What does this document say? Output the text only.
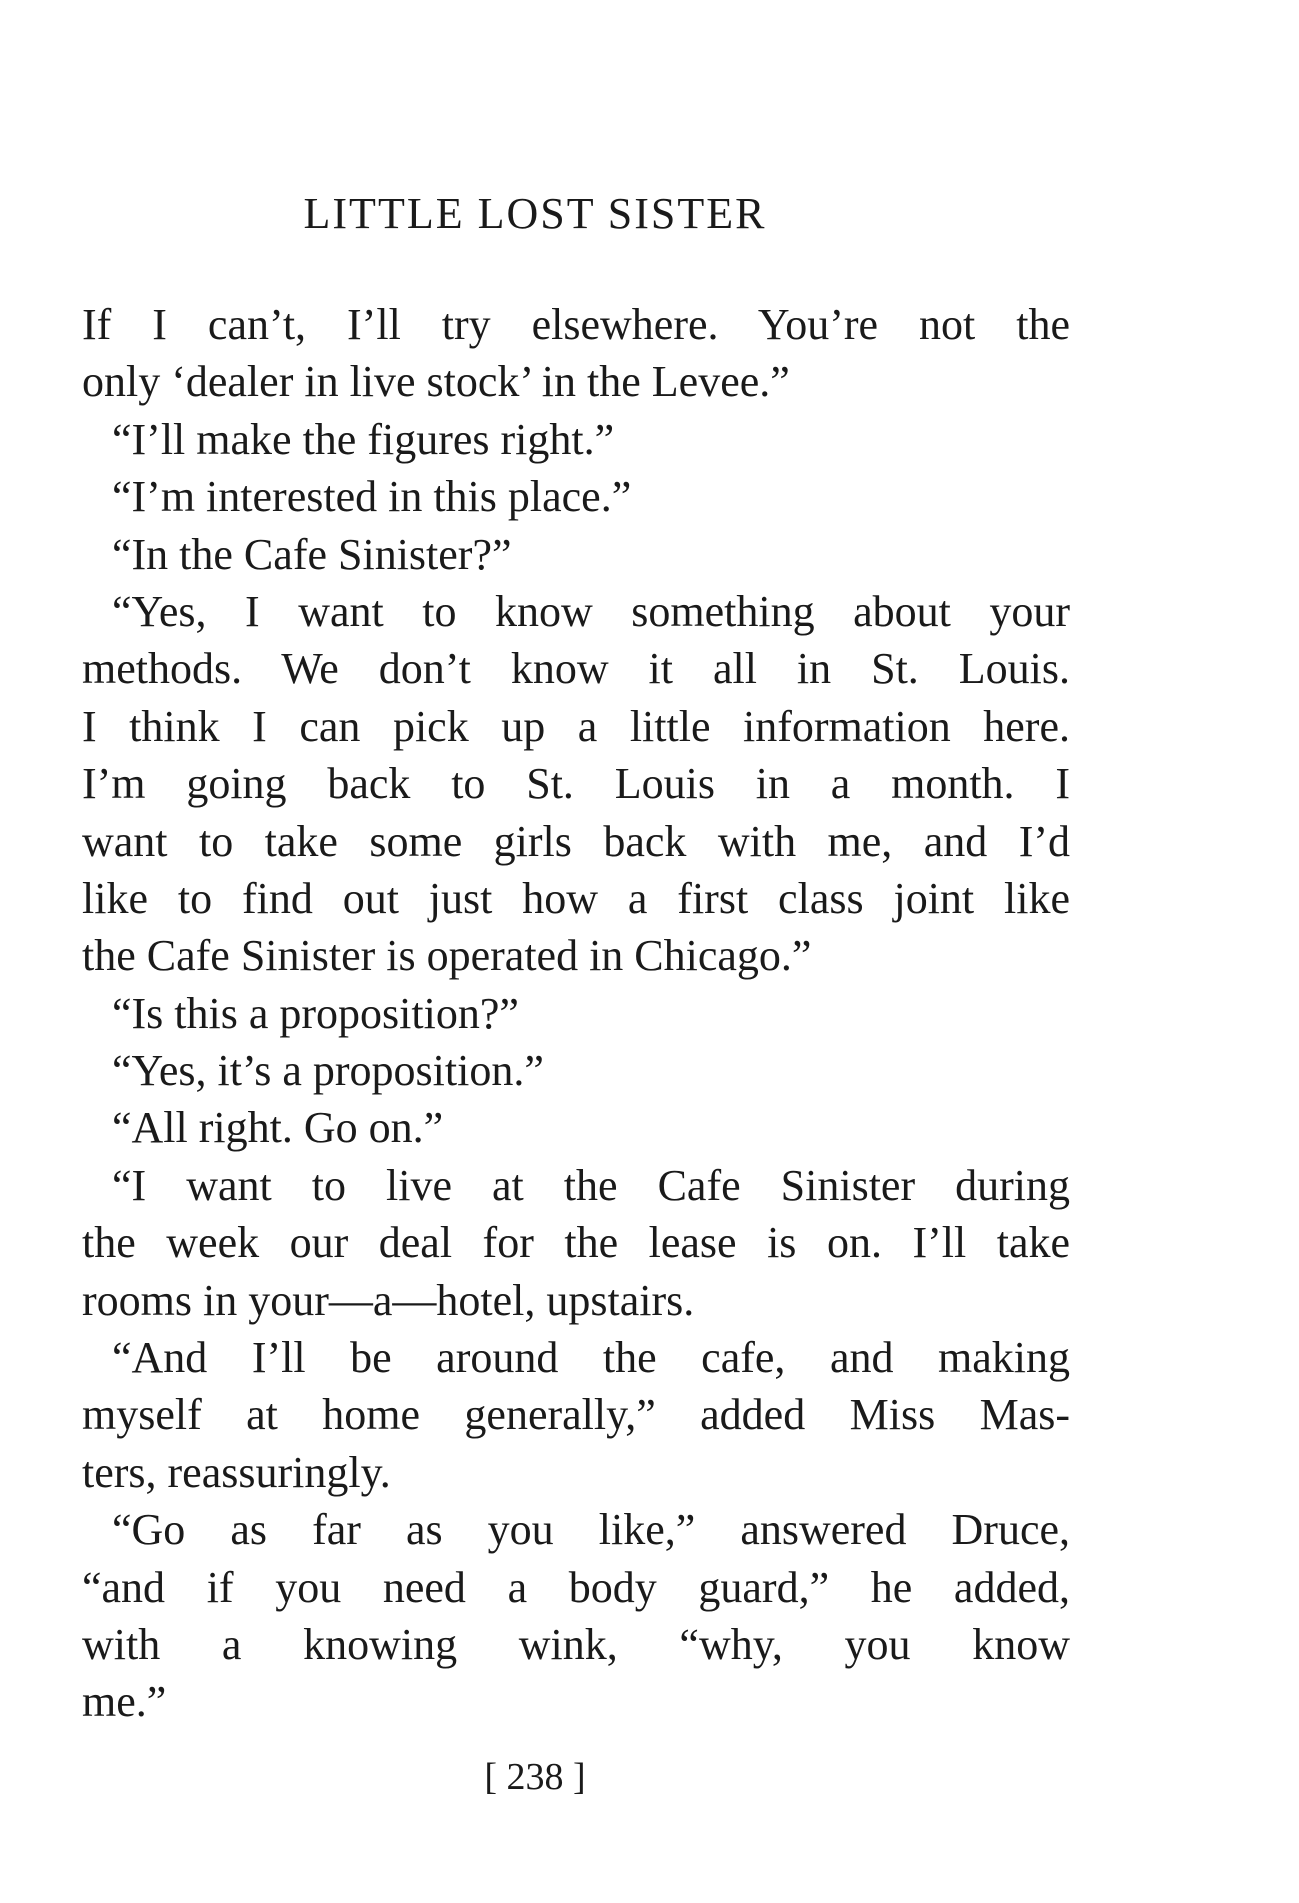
LITTLE LOST SISTER
If I can’t, I’ll try elsewhere. You’re not the
only ‘dealer in live stock’ in the Levee.”
“I’ll make the figures right.”
“I’m interested in this place.”
“In the Cafe Sinister?”
“Yes, I want to know something about your
methods. We don’t know it all in St. Louis.
I think I can pick up a little information here.
I’m going back to St. Louis in a month. I
want to take some girls back with me, and I’d
like to find out just how a first class joint like
the Cafe Sinister is operated in Chicago.”
“Is this a proposition?”
“Yes, it’s a proposition.”
“All right. Go on.”
“I want to live at the Cafe Sinister during
the week our deal for the lease is on. I’ll take
rooms in your—a—hotel, upstairs.
“And I’ll be around the cafe, and making
myself at home generally,” added Miss Mas-
ters, reassuringly.
“Go as far as you like,” answered Druce,
“and if you need a body guard,” he added,
with a knowing wink, “why, you know
me.”
[ 238 ]
